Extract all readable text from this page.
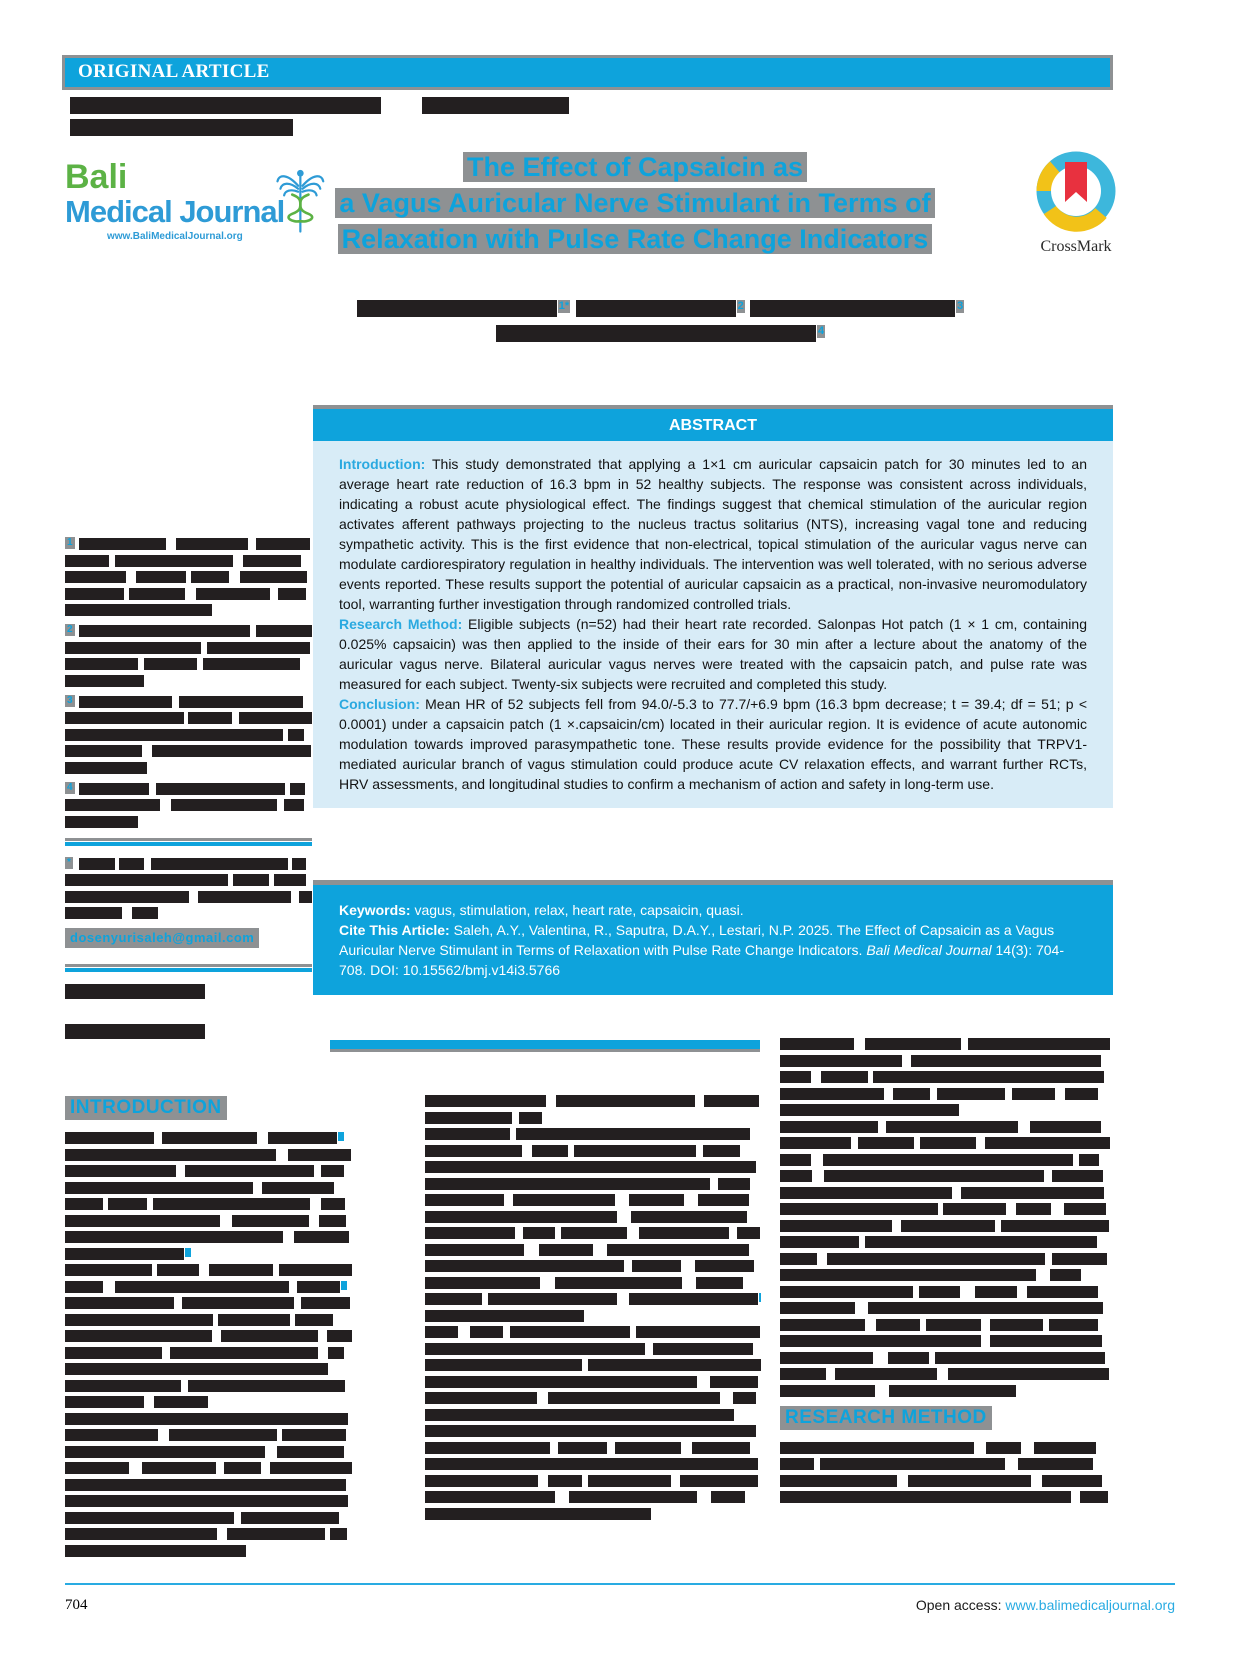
ORIGINAL ARTICLE
Bali
Medical Journal
www.BaliMedicalJournal.org
The Effect of Capsaicin as
a Vagus Auricular Nerve Stimulant in Terms of
Relaxation with Pulse Rate Change Indicators	CrossMark
$^{1*}$	$^2$	$^3$
$^4$
ABSTRACT

Introduction: This study demonstrated that applying a 1×1 cm auricular capsaicin patch for 30 minutes led to an average heart rate reduction of 16.3 bpm in 52 healthy subjects. The response was consistent across individuals, indicating a robust acute physiological effect. The findings suggest that chemical stimulation of the auricular region activates afferent pathways projecting to the nucleus tractus solitarius (NTS), increasing vagal tone and reducing sympathetic activity. This is the first evidence that non-electrical, topical stimulation of the auricular vagus nerve can modulate cardiorespiratory regulation in healthy individuals. The intervention was well tolerated, with no serious adverse events reported. These results support the potential of auricular capsaicin as a practical, non-invasive neuromodulatory tool, warranting further investigation through randomized controlled trials.

Research Method: Eligible subjects (n=52) had their heart rate recorded. Salonpas Hot patch (1 × 1 cm, containing 0.025% capsaicin) was then applied to the inside of their ears for 30 min after a lecture about the anatomy of the auricular vagus nerve. Bilateral auricular vagus nerves were treated with the capsaicin patch, and pulse rate was measured for each subject. Twenty-six subjects were recruited and completed this study.

Conclusion: Mean HR of 52 subjects fell from 94.0/-5.3 to 77.7/+6.9 bpm (16.3 bpm decrease; t = 39.4; df = 51; p < 0.0001) under a capsaicin patch (1 ×.capsaicin/cm) located in their auricular region. It is evidence of acute autonomic modulation towards improved parasympathetic tone. These results provide evidence for the possibility that TRPV1-mediated auricular branch of vagus stimulation could produce acute CV relaxation effects, and warrant further RCTs, HRV assessments, and longitudinal studies to confirm a mechanism of action and safety in long-term use.

Keywords: vagus, stimulation, relax, heart rate, capsaicin, quasi.

Cite This Article: Saleh, A.Y., Valentina, R., Saputra, D.A.Y., Lestari, N.P. 2025. The Effect of Capsaicin as a Vagus Auricular Nerve Stimulant in Terms of Relaxation with Pulse Rate Change Indicators. Bali Medical Journal 14(3): 704-708. DOI: 10.15562/bmj.v14i3.5766

1
2
3
4
*
dosenyurisaleh@gmail.com
INTRODUCTION
RESEARCH METHOD
704	Open access: www.balimedicaljournal.org
